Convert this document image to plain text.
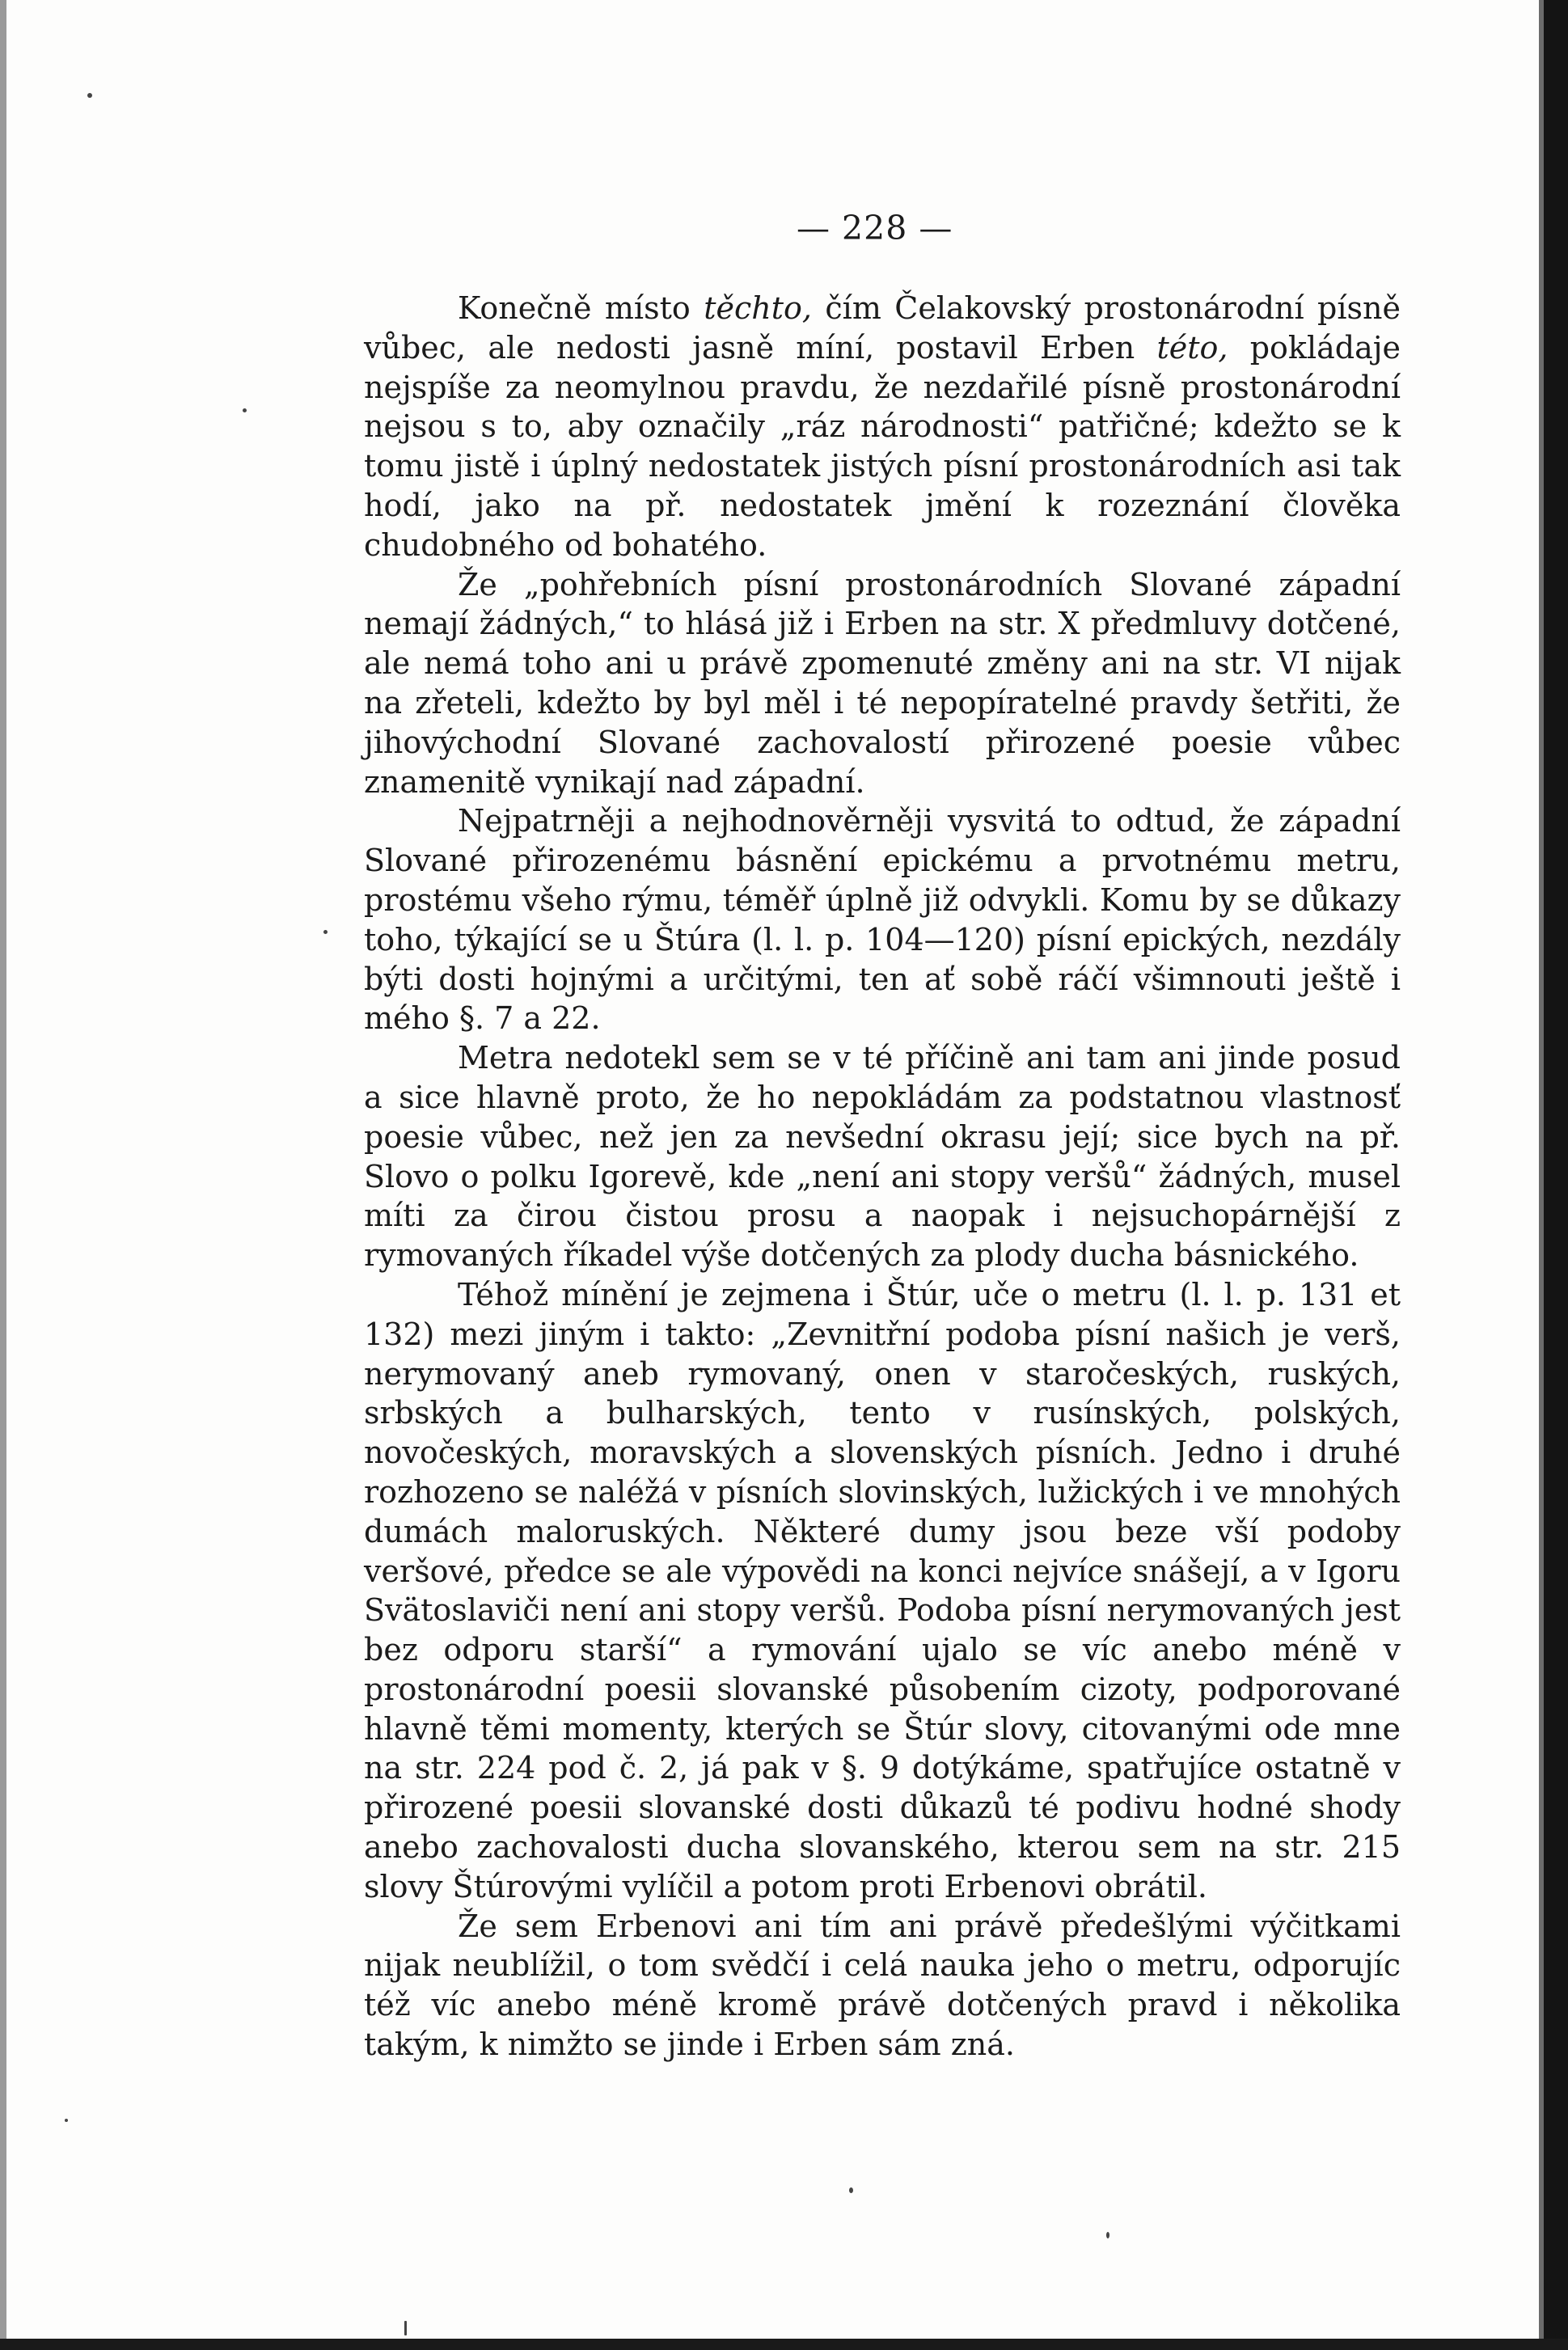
— 228 —

Konečně místo těchto, čím Čelakovský prostonárodní písně vůbec, ale nedosti jasně míní, postavil Erben této, pokládaje nejspíše za neomylnou pravdu, že nezdařilé písně prostonárodní nejsou s to, aby označily „ráz národnosti“ patřičné; kdežto se k tomu jistě i úplný nedostatek jistých písní prostonárodních asi tak hodí, jako na př. nedostatek jmění k rozeznání člověka chudobného od bohatého.

Že „pohřebních písní prostonárodních Slované západní nemají žádných,“ to hlásá již i Erben na str. X předmluvy dotčené, ale nemá toho ani u právě zpomenuté změny ani na str. VI nijak na zřeteli, kdežto by byl měl i té nepopíratelné pravdy šetřiti, že jihovýchodní Slované zachovalostí přirozené poesie vůbec znamenitě vynikají nad západní.

Nejpatrněji a nejhodnověrněji vysvitá to odtud, že západní Slované přirozenému básnění epickému a prvotnému metru, prostému všeho rýmu, téměř úplně již odvykli. Komu by se důkazy toho, týkající se u Štúra (l. l. p. 104—120) písní epických, nezdály býti dosti hojnými a určitými, ten ať sobě ráčí všimnouti ještě i mého §. 7 a 22.

Metra nedotekl sem se v té příčině ani tam ani jinde posud a sice hlavně proto, že ho nepokládám za podstatnou vlastnosť poesie vůbec, než jen za nevšední okrasu její; sice bych na př. Slovo o polku Igorevě, kde „není ani stopy veršů“ žádných, musel míti za čirou čistou prosu a naopak i nejsuchopárnější z rymovaných říkadel výše dotčených za plody ducha básnického.

Téhož mínění je zejmena i Štúr, uče o metru (l. l. p. 131 et 132) mezi jiným i takto: „Zevnitřní podoba písní našich je verš, nerymovaný aneb rymovaný, onen v staročeských, ruských, srbských a bulharských, tento v rusínských, polských, novočeských, moravských a slovenských písních. Jedno i druhé rozhozeno se naléžá v písních slovinských, lužických i ve mnohých dumách maloruských. Některé dumy jsou beze vší podoby veršové, předce se ale výpovědi na konci nejvíce snášejí, a v Igoru Svätoslaviči není ani stopy veršů. Podoba písní nerymovaných jest bez odporu starší“ a rymování ujalo se víc anebo méně v prostonárodní poesii slovanské působením cizoty, podporované hlavně těmi momenty, kterých se Štúr slovy, citovanými ode mne na str. 224 pod č. 2, já pak v §. 9 dotýkáme, spatřujíce ostatně v přirozené poesii slovanské dosti důkazů té podivu hodné shody anebo zachovalosti ducha slovanského, kterou sem na str. 215 slovy Štúrovými vylíčil a potom proti Erbenovi obrátil.

Že sem Erbenovi ani tím ani právě předešlými výčitkami nijak neublížil, o tom svědčí i celá nauka jeho o metru, odporujíc též víc anebo méně kromě právě dotčených pravd i několika takým, k nimžto se jinde i Erben sám zná.
